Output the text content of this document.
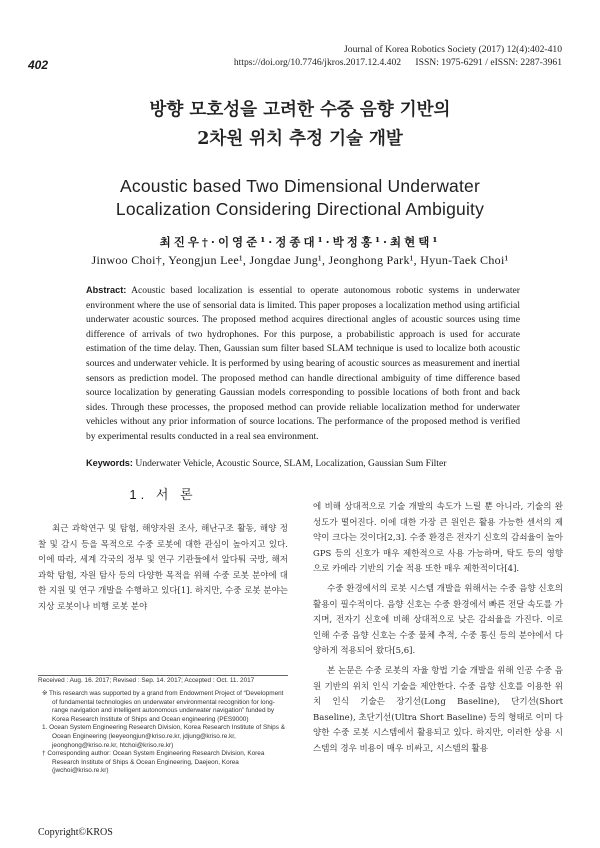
402
Journal of Korea Robotics Society (2017) 12(4):402-410
https://doi.org/10.7746/jkros.2017.12.4.402      ISSN: 1975-6291 / eISSN: 2287-3961
방향 모호성을 고려한 수중 음향 기반의
2차원 위치 추정 기술 개발
Acoustic based Two Dimensional Underwater
Localization Considering Directional Ambiguity
최진우†·이영준¹·정종대¹·박정홍¹·최현택¹
Jinwoo Choi†, Yeongjun Lee¹, Jongdae Jung¹, Jeonghong Park¹, Hyun-Taek Choi¹
Abstract: Acoustic based localization is essential to operate autonomous robotic systems in underwater environment where the use of sensorial data is limited. This paper proposes a localization method using artificial underwater acoustic sources. The proposed method acquires directional angles of acoustic sources using time difference of arrivals of two hydrophones. For this purpose, a probabilistic approach is used for accurate estimation of the time delay. Then, Gaussian sum filter based SLAM technique is used to localize both acoustic sources and underwater vehicle. It is performed by using bearing of acoustic sources as measurement and inertial sensors as prediction model. The proposed method can handle directional ambiguity of time difference based source localization by generating Gaussian models corresponding to possible locations of both front and back sides. Through these processes, the proposed method can provide reliable localization method for underwater vehicles without any prior information of source locations. The performance of the proposed method is verified by experimental results conducted in a real sea environment.
Keywords: Underwater Vehicle, Acoustic Source, SLAM, Localization, Gaussian Sum Filter
1. 서 론

최근 과학연구 및 탐험, 해양자원 조사, 해난구조 활동, 해양 정찰 및 감시 등을 목적으로 수중 로봇에 대한 관심이 높아지고 있다. 이에 따라, 세계 각국의 정부 및 연구 기관들에서 앞다퉈 국방, 해저 과학 탐험, 자원 탐사 등의 다양한 목적을 위해 수중 로봇 분야에 대한 지원 및 연구 개발을 수행하고 있다[1]. 하지만, 수중 로봇 분야는 지상 로봇이나 비행 로봇 분야

Received : Aug. 16. 2017; Revised : Sep. 14. 2017; Accepted : Oct. 11. 2017
※ This research was supported by a grand from Endowment Project of “Development of fundamental technologies on underwater environmental recognition for long-range navigation and intelligent autonomous underwater navigation” funded by Korea Research Institute of Ships and Ocean engineering (PES9000)
1. Ocean System Engineering Research Division, Korea Research Institute of Ships & Ocean Engineering (leeyeongjun@kriso.re.kr, jdjung@kriso.re.kr, jeonghong@kriso.re.kr, htchoi@kriso.re.kr)
† Corresponding author: Ocean System Engineering Research Division, Korea Research Institute of Ships & Ocean Engineering, Daejeon, Korea (jwchoi@kriso.re.kr)
Copyright©KROS

에 비해 상대적으로 기술 개발의 속도가 느릴 뿐 아니라, 기술의 완성도가 떨어진다. 이에 대한 가장 큰 원인은 활용 가능한 센서의 제약이 크다는 것이다[2,3]. 수중 환경은 전자기 신호의 감쇠율이 높아 GPS 등의 신호가 매우 제한적으로 사용 가능하며, 탁도 등의 영향으로 카메라 기반의 기술 적용 또한 매우 제한적이다[4].

수중 환경에서의 로봇 시스템 개발을 위해서는 수중 음향 신호의 활용이 필수적이다. 음향 신호는 수중 환경에서 빠른 전달 속도를 가지며, 전자기 신호에 비해 상대적으로 낮은 감쇠율을 가진다. 이로 인해 수중 음향 신호는 수중 물체 추적, 수중 통신 등의 분야에서 다양하게 적용되어 왔다[5,6].

본 논문은 수중 로봇의 자율 항법 기술 개발을 위해 인공 수중 음원 기반의 위치 인식 기술을 제안한다. 수중 음향 신호를 이용한 위치 인식 기술은 장기선(Long Baseline), 단기선(Short Baseline), 초단기선(Ultra Short Baseline) 등의 형태로 이미 다양한 수중 로봇 시스템에서 활용되고 있다. 하지만, 이러한 상용 시스템의 경우 비용이 매우 비싸고, 시스템의 활용
